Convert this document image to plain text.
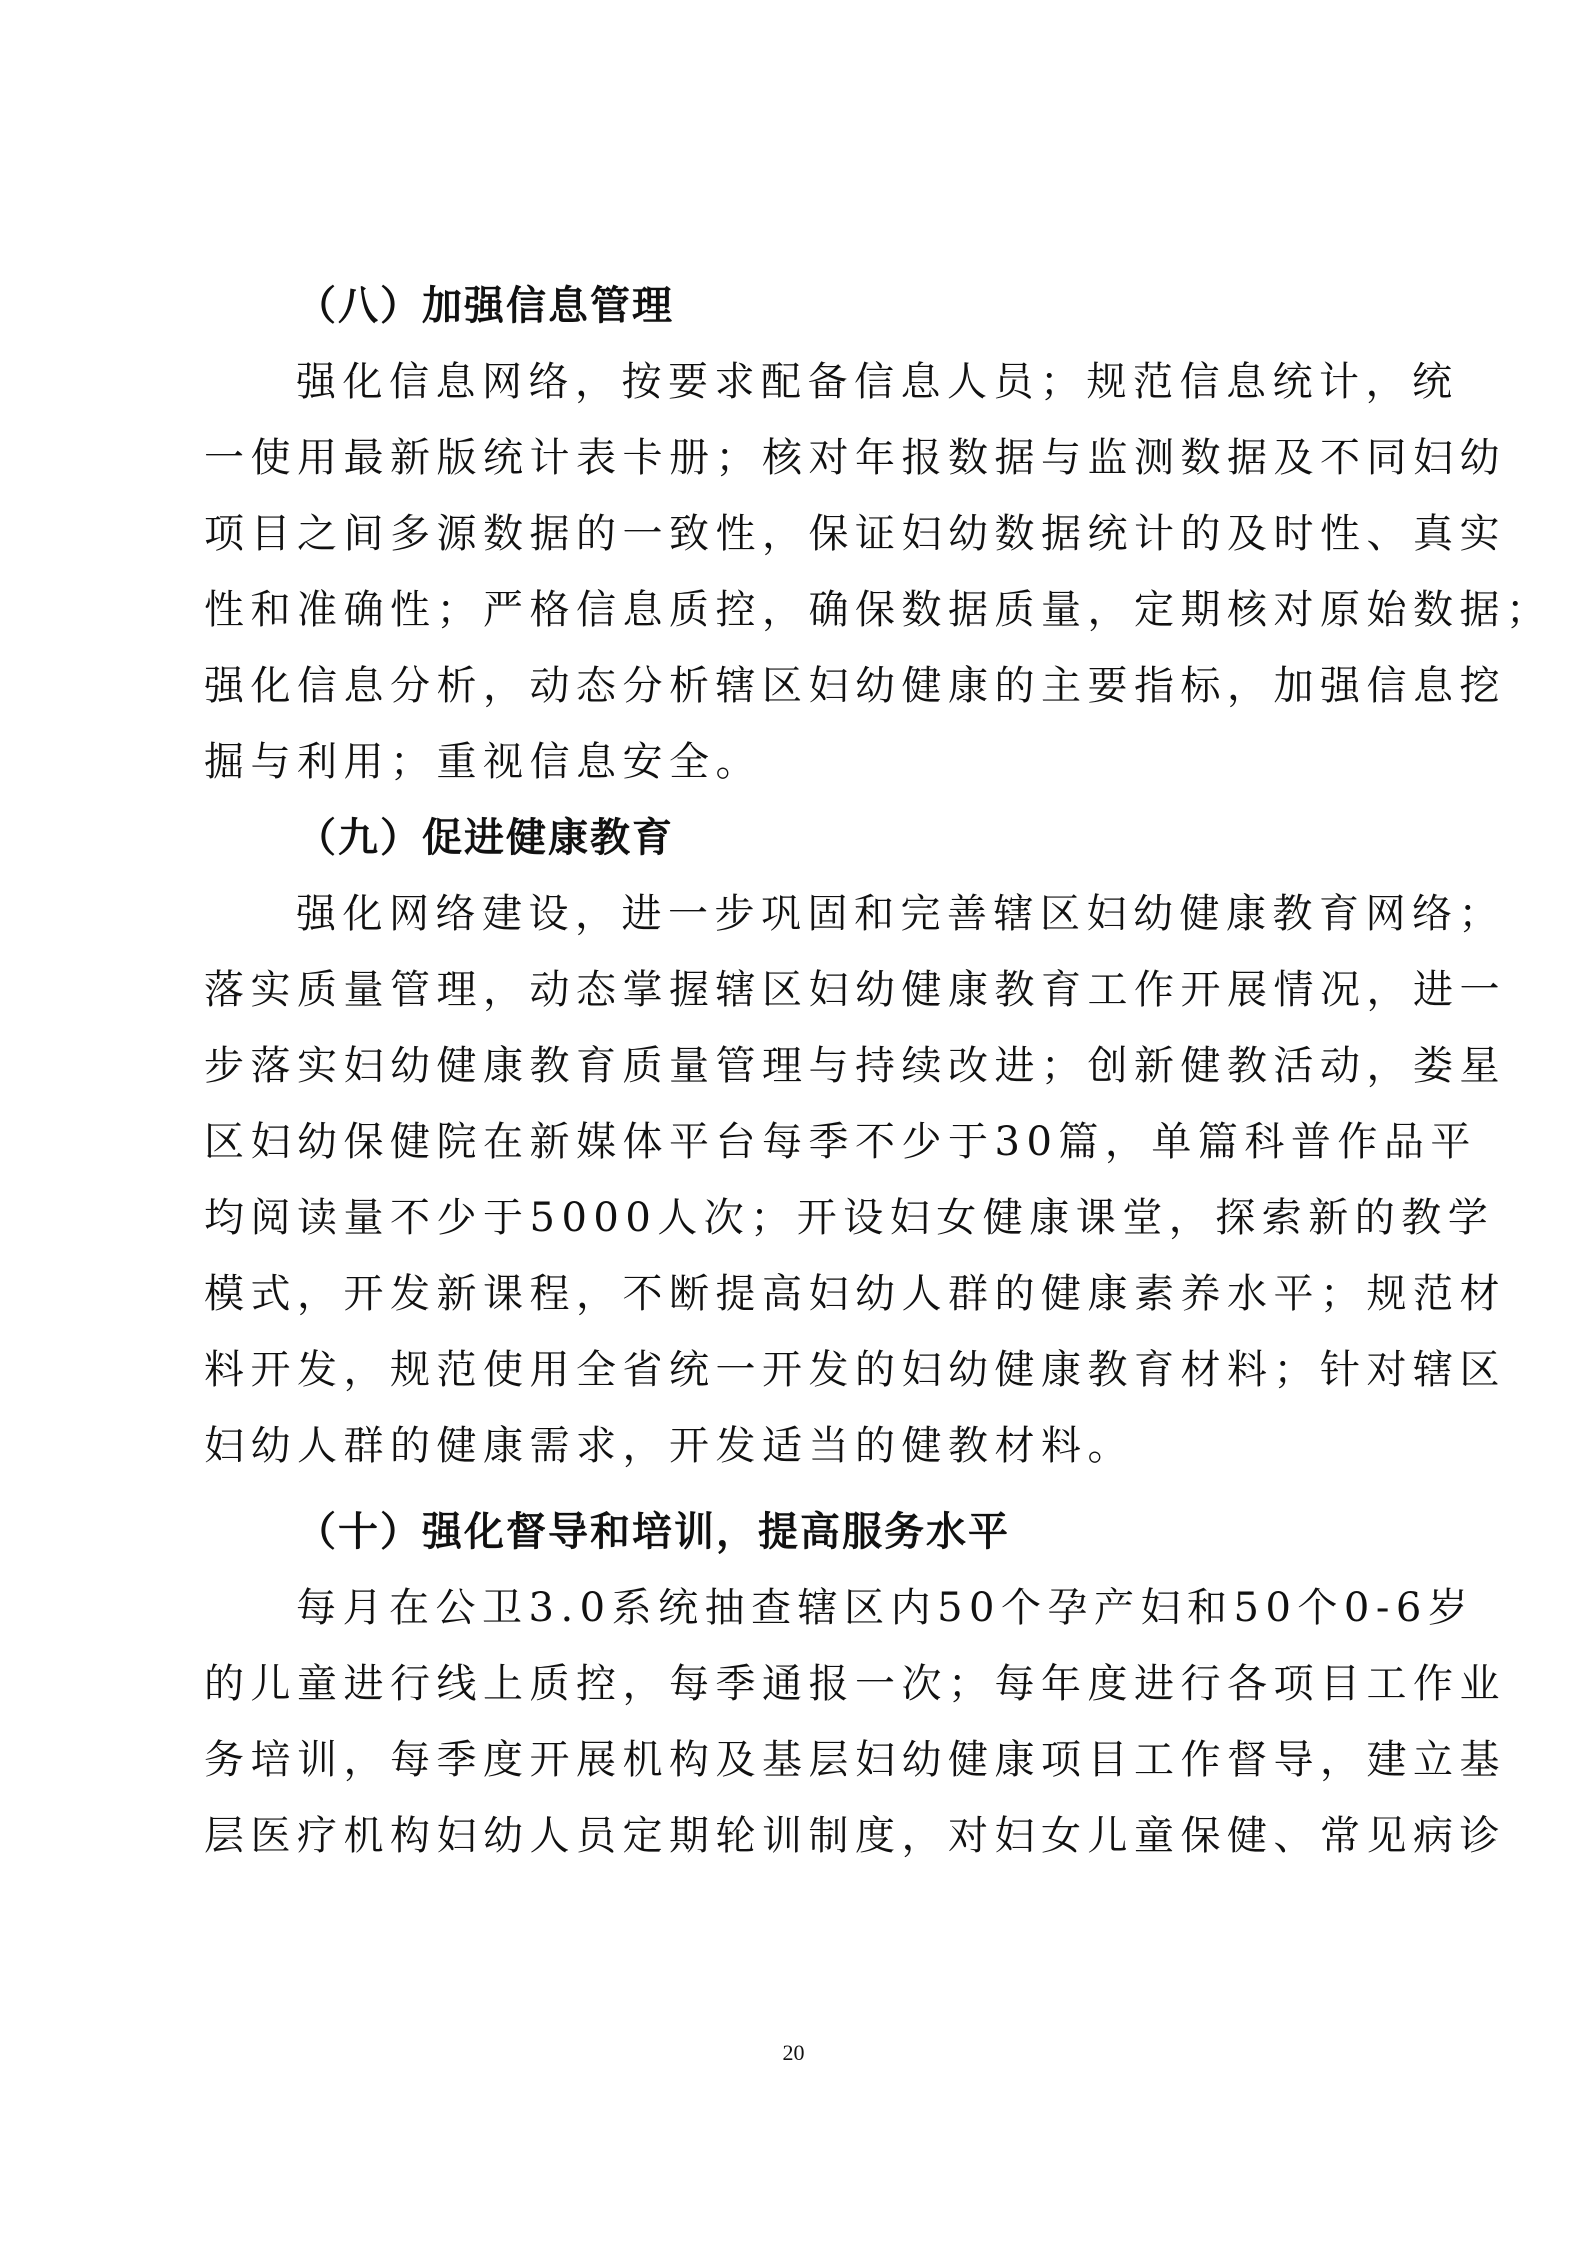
（八）加强信息管理
强化信息网络，按要求配备信息人员；规范信息统计，统
一使用最新版统计表卡册；核对年报数据与监测数据及不同妇幼
项目之间多源数据的一致性，保证妇幼数据统计的及时性、真实
性和准确性；严格信息质控，确保数据质量，定期核对原始数据；
强化信息分析，动态分析辖区妇幼健康的主要指标，加强信息挖
掘与利用；重视信息安全。
（九）促进健康教育
强化网络建设，进一步巩固和完善辖区妇幼健康教育网络；
落实质量管理，动态掌握辖区妇幼健康教育工作开展情况，进一
步落实妇幼健康教育质量管理与持续改进；创新健教活动，娄星
区妇幼保健院在新媒体平台每季不少于30篇，单篇科普作品平
均阅读量不少于5000人次；开设妇女健康课堂，探索新的教学
模式，开发新课程，不断提高妇幼人群的健康素养水平；规范材
料开发，规范使用全省统一开发的妇幼健康教育材料；针对辖区
妇幼人群的健康需求，开发适当的健教材料。
（十）强化督导和培训，提高服务水平
每月在公卫3.0系统抽查辖区内50个孕产妇和50个0-6岁
的儿童进行线上质控，每季通报一次；每年度进行各项目工作业
务培训，每季度开展机构及基层妇幼健康项目工作督导，建立基
层医疗机构妇幼人员定期轮训制度，对妇女儿童保健、常见病诊
20
